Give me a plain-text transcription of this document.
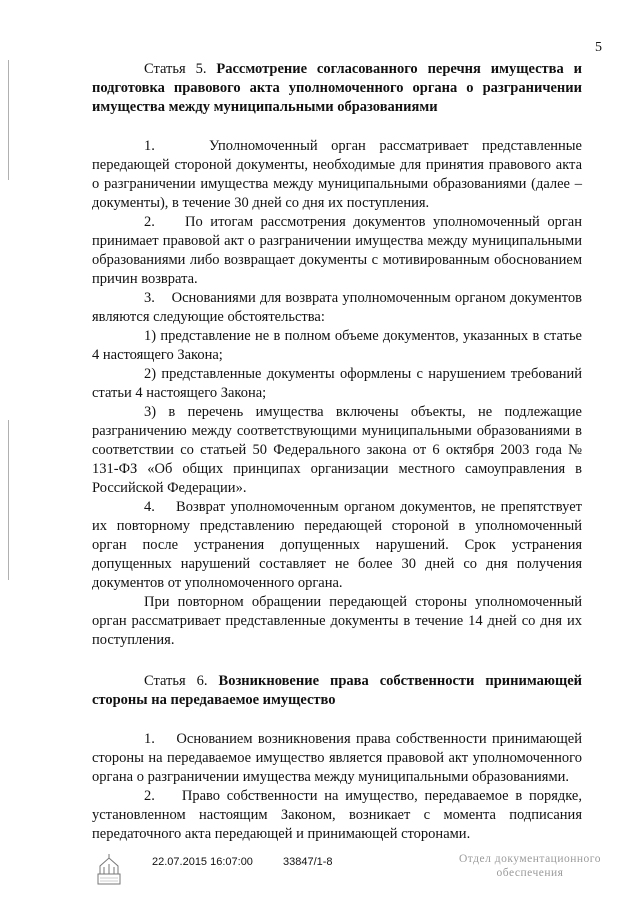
5

Статья 5. Рассмотрение согласованного перечня имущества и подготовка правового акта уполномоченного органа о разграничении имущества между муниципальными образованиями

1.    Уполномоченный орган рассматривает представленные передающей стороной документы, необходимые для принятия правового акта о разграничении имущества между муниципальными образованиями (далее – документы), в течение 30 дней со дня их поступления.

2.    По итогам рассмотрения документов уполномоченный орган принимает правовой акт о разграничении имущества между муниципальными образованиями либо возвращает документы с мотивированным обоснованием причин возврата.

3.    Основаниями для возврата уполномоченным органом документов являются следующие обстоятельства:

1) представление не в полном объеме документов, указанных в статье 4 настоящего Закона;

2) представленные документы оформлены с нарушением требований статьи 4 настоящего Закона;

3) в перечень имущества включены объекты, не подлежащие разграничению между соответствующими муниципальными образованиями в соответствии со статьей 50 Федерального закона от 6 октября 2003 года № 131-ФЗ «Об общих принципах организации местного самоуправления в Российской Федерации».

4.    Возврат уполномоченным органом документов, не препятствует их повторному представлению передающей стороной в уполномоченный орган после устранения допущенных нарушений. Срок устранения допущенных нарушений составляет не более 30 дней со дня получения документов от уполномоченного органа.

При повторном обращении передающей стороны уполномоченный орган рассматривает представленные документы в течение 14 дней со дня их поступления.

Статья 6. Возникновение права собственности принимающей стороны на передаваемое имущество

1.    Основанием возникновения права собственности принимающей стороны на передаваемое имущество является правовой акт уполномоченного органа о разграничении имущества между муниципальными образованиями.

2.    Право собственности на имущество, передаваемое в порядке, установленном настоящим Законом, возникает с момента подписания передаточного акта передающей и принимающей сторонами.

22.07.2015 16:07:00	33847/1-8	Отдел документационного
обеспечения
